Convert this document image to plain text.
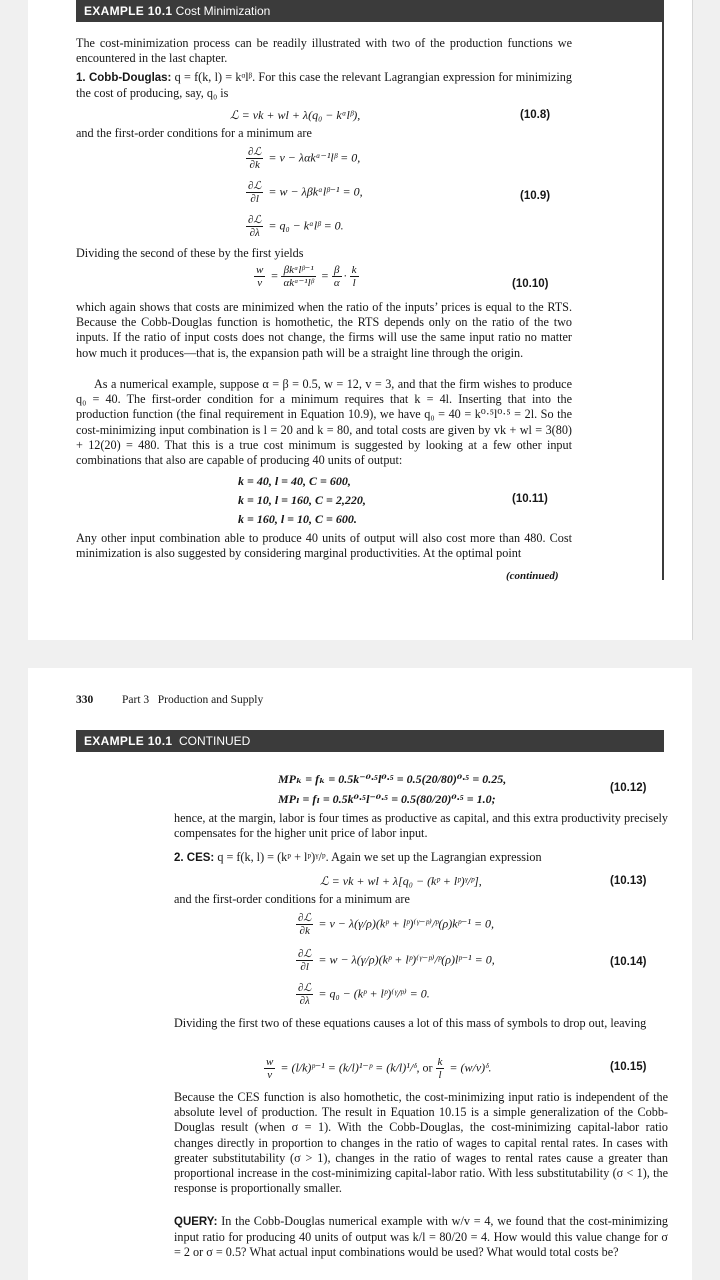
EXAMPLE 10.1 Cost Minimization
The cost-minimization process can be readily illustrated with two of the production functions we encountered in the last chapter.
1. Cobb-Douglas: q = f(k, l) = kᵅlᵝ. For this case the relevant Lagrangian expression for minimizing the cost of producing, say, q₀ is
ℒ = vk + wl + λ(q₀ − kᵅlᵝ),	(10.8)
and the first-order conditions for a minimum are
$\frac{\text{∂ℒ}}{\partial k} = v$ − λαkᵅ⁻¹lᵝ = 0,
$\frac{\text{∂ℒ}}{\partial l} = w$ − λβkᵅlᵝ⁻¹ = 0,	(10.9)
$\frac{\text{∂ℒ}}{\partial\lambda} = q_0$ − kᵅlᵝ = 0.
Dividing the second of these by the first yields
$\frac{w}{v} = \frac{\text{βkᵅlᵝ⁻¹}}{\text{αkᵅ⁻¹lᵝ}} = \frac{\beta}{\alpha} \cdot \frac{k}{l}$	(10.10)
which again shows that costs are minimized when the ratio of the inputs’ prices is equal to the RTS. Because the Cobb-Douglas function is homothetic, the RTS depends only on the ratio of the two inputs. If the ratio of input costs does not change, the firms will use the same input ratio no matter how much it produces—that is, the expansion path will be a straight line through the origin.
As a numerical example, suppose α = β = 0.5, w = 12, v = 3, and that the firm wishes to produce q₀ = 40. The first-order condition for a minimum requires that k = 4l. Inserting that into the production function (the final requirement in Equation 10.9), we have q₀ = 40 = k⁰·⁵l⁰·⁵ = 2l. So the cost-minimizing input combination is l = 20 and k = 80, and total costs are given by vk + wl = 3(80) + 12(20) = 480. That this is a true cost minimum is suggested by looking at a few other input combinations that also are capable of producing 40 units of output:
k = 40, l = 40, C = 600,
k = 10, l = 160, C = 2,220,
k = 160, l = 10, C = 600.
(10.11)
Any other input combination able to produce 40 units of output will also cost more than 480. Cost minimization is also suggested by considering marginal productivities. At the optimal point
(continued)
330	Part 3 Production and Supply
EXAMPLE 10.1 CONTINUED
MPₖ = fₖ = 0.5k⁻⁰·⁵l⁰·⁵ = 0.5(20/80)⁰·⁵ = 0.25,
MPₗ = fₗ = 0.5k⁰·⁵l⁻⁰·⁵ = 0.5(80/20)⁰·⁵ = 1.0;
(10.12)
hence, at the margin, labor is four times as productive as capital, and this extra productivity precisely compensates for the higher unit price of labor input.
2. CES: q = f(k, l) = (kᵖ + lᵖ)ᵞ/ᵖ. Again we set up the Lagrangian expression
ℒ = vk + wl + λ[q₀ − (kᵖ + lᵖ)ᵞ/ᵖ],	(10.13)
and the first-order conditions for a minimum are
$\frac{\text{∂ℒ}}{\partial k} = v$ − λ(γ/ρ)(kᵖ + lᵖ)⁽ᵞ⁻ᵖ⁾/ᵖ(ρ)kᵖ⁻¹ = 0,
$\frac{\text{∂ℒ}}{\partial l} = w$ − λ(γ/ρ)(kᵖ + lᵖ)⁽ᵞ⁻ᵖ⁾/ᵖ(ρ)lᵖ⁻¹ = 0,	(10.14)
$\frac{\text{∂ℒ}}{\partial\lambda} = q_0$ − (kᵖ + lᵖ)⁽ᵞ/ᵖ⁾ = 0.
Dividing the first two of these equations causes a lot of this mass of symbols to drop out, leaving
$\frac{w}{v}$ = (l/k)ᵖ⁻¹ = (k/l)¹⁻ᵖ = (k/l)¹/ᵟ, or $\frac{k}{l}$ = (w/v)ᵟ.	(10.15)
Because the CES function is also homothetic, the cost-minimizing input ratio is independent of the absolute level of production. The result in Equation 10.15 is a simple generalization of the Cobb-Douglas result (when σ = 1). With the Cobb-Douglas, the cost-minimizing capital-labor ratio changes directly in proportion to changes in the ratio of wages to capital rental rates. In cases with greater substitutability (σ > 1), changes in the ratio of wages to rental rates cause a greater than proportional increase in the cost-minimizing capital-labor ratio. With less substitutability (σ < 1), the response is proportionally smaller.
QUERY: In the Cobb-Douglas numerical example with w/v = 4, we found that the cost-minimizing input ratio for producing 40 units of output was k/l = 80/20 = 4. How would this value change for σ = 2 or σ = 0.5? What actual input combinations would be used? What would total costs be?
